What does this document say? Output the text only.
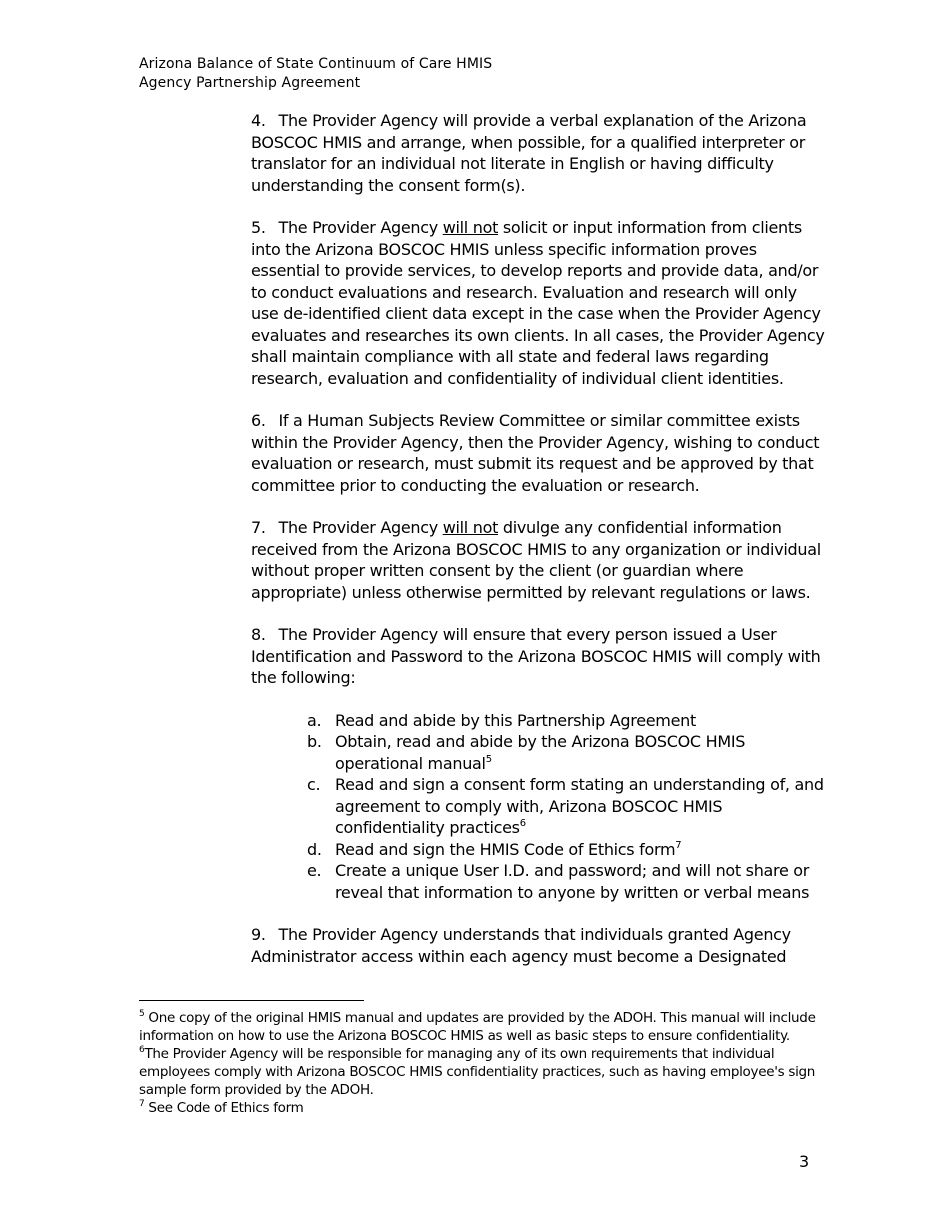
Arizona Balance of State Continuum of Care HMIS
Agency Partnership Agreement

4. The Provider Agency will provide a verbal explanation of the Arizona BOSCOC HMIS and arrange, when possible, for a qualified interpreter or translator for an individual not literate in English or having difficulty understanding the consent form(s).

5. The Provider Agency will not solicit or input information from clients into the Arizona BOSCOC HMIS unless specific information proves essential to provide services, to develop reports and provide data, and/or to conduct evaluations and research. Evaluation and research will only use de-identified client data except in the case when the Provider Agency evaluates and researches its own clients. In all cases, the Provider Agency shall maintain compliance with all state and federal laws regarding research, evaluation and confidentiality of individual client identities.

6. If a Human Subjects Review Committee or similar committee exists within the Provider Agency, then the Provider Agency, wishing to conduct evaluation or research, must submit its request and be approved by that committee prior to conducting the evaluation or research.

7. The Provider Agency will not divulge any confidential information received from the Arizona BOSCOC HMIS to any organization or individual without proper written consent by the client (or guardian where appropriate) unless otherwise permitted by relevant regulations or laws.

8. The Provider Agency will ensure that every person issued a User Identification and Password to the Arizona BOSCOC HMIS will comply with the following:

a. Read and abide by this Partnership Agreement
b. Obtain, read and abide by the Arizona BOSCOC HMIS operational manual$^5$
c. Read and sign a consent form stating an understanding of, and agreement to comply with, Arizona BOSCOC HMIS confidentiality practices$^6$
d. Read and sign the HMIS Code of Ethics form$^7$
e. Create a unique User I.D. and password; and will not share or reveal that information to anyone by written or verbal means

9. The Provider Agency understands that individuals granted Agency Administrator access within each agency must become a Designated

$^5$ One copy of the original HMIS manual and updates are provided by the ADOH. This manual will include information on how to use the Arizona BOSCOC HMIS as well as basic steps to ensure confidentiality.

$^6$The Provider Agency will be responsible for managing any of its own requirements that individual employees comply with Arizona BOSCOC HMIS confidentiality practices, such as having employee's sign sample form provided by the ADOH.

$^7$ See Code of Ethics form

3
